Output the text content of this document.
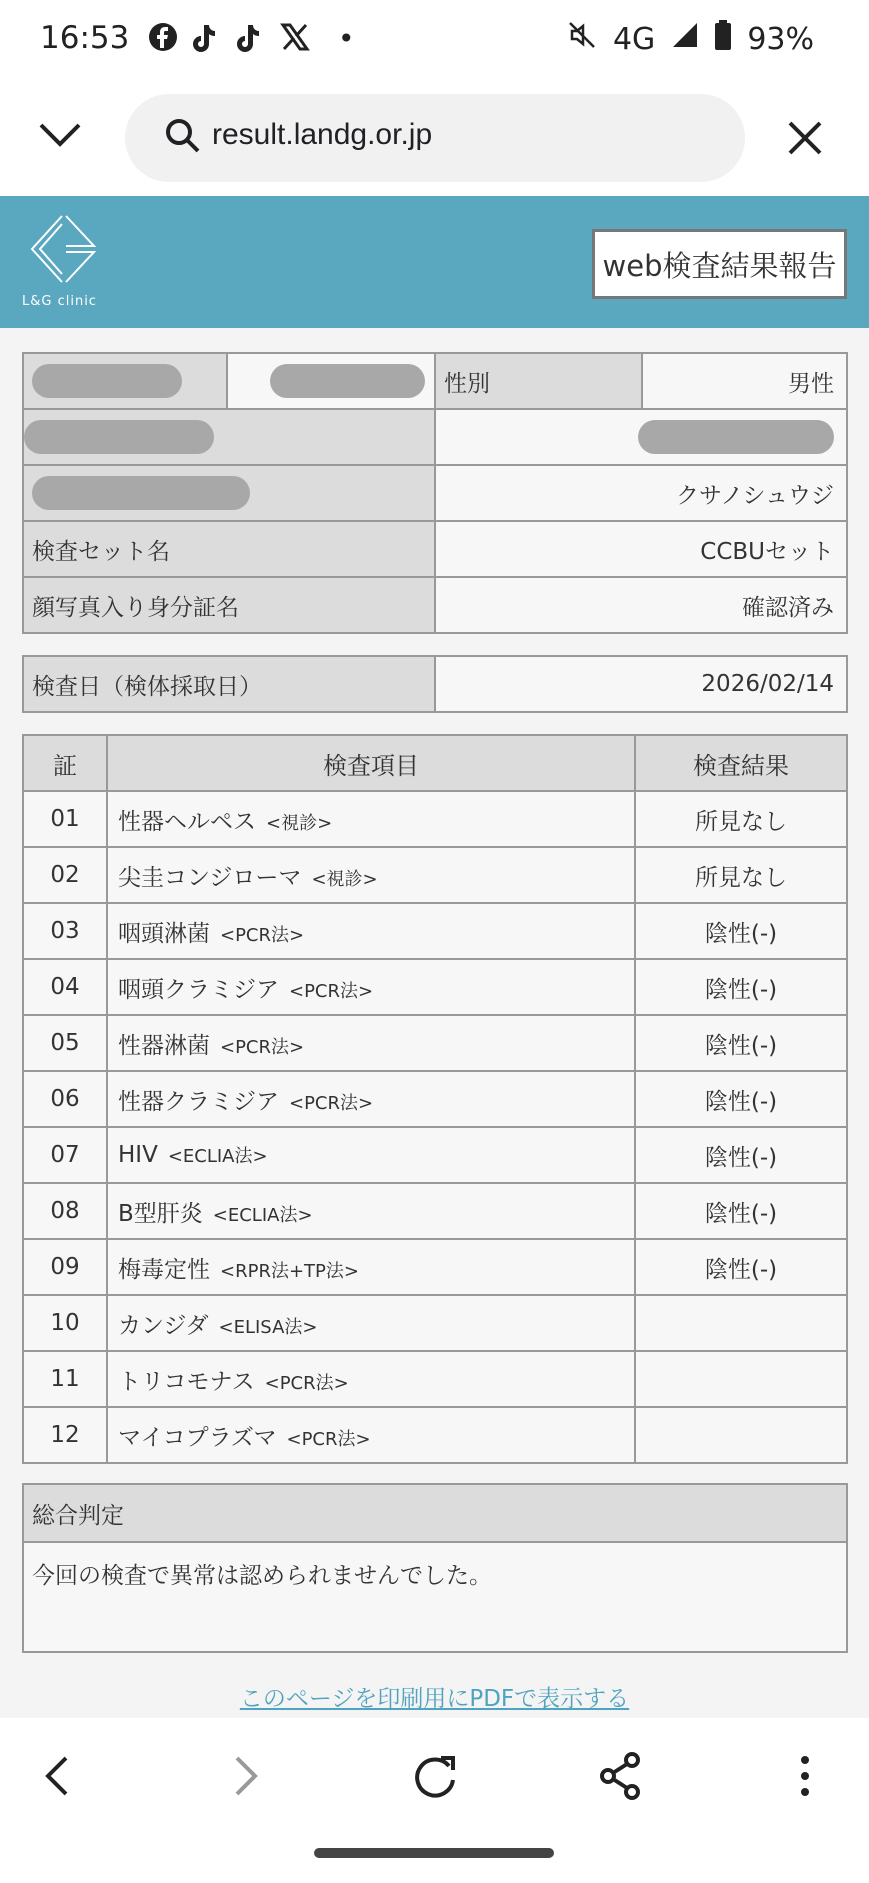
16:53	•	4G	93%
result.landg.or.jp
L&G clinic
web検査結果報告
		性別	男性

		クサノシュウジ	
検査セット名		CCBUセット	
顔写真入り身分証名		確認済み	
検査日（検体採取日）	2026/02/14
証	検査項目	検査結果
01	性器ヘルペス <視診>	所見なし
02	尖圭コンジローマ <視診>	所見なし
03	咽頭淋菌 <PCR法>	陰性(-)
04	咽頭クラミジア <PCR法>	陰性(-)
05	性器淋菌 <PCR法>	陰性(-)
06	性器クラミジア <PCR法>	陰性(-)
07	HIV <ECLIA法>	陰性(-)
08	B型肝炎 <ECLIA法>	陰性(-)
09	梅毒定性 <RPR法+TP法>	陰性(-)
10	カンジダ <ELISA法>	
11	トリコモナス <PCR法>	
12	マイコプラズマ <PCR法>	
総合判定
今回の検査で異常は認められませんでした。
このページを印刷用にPDFで表示する
